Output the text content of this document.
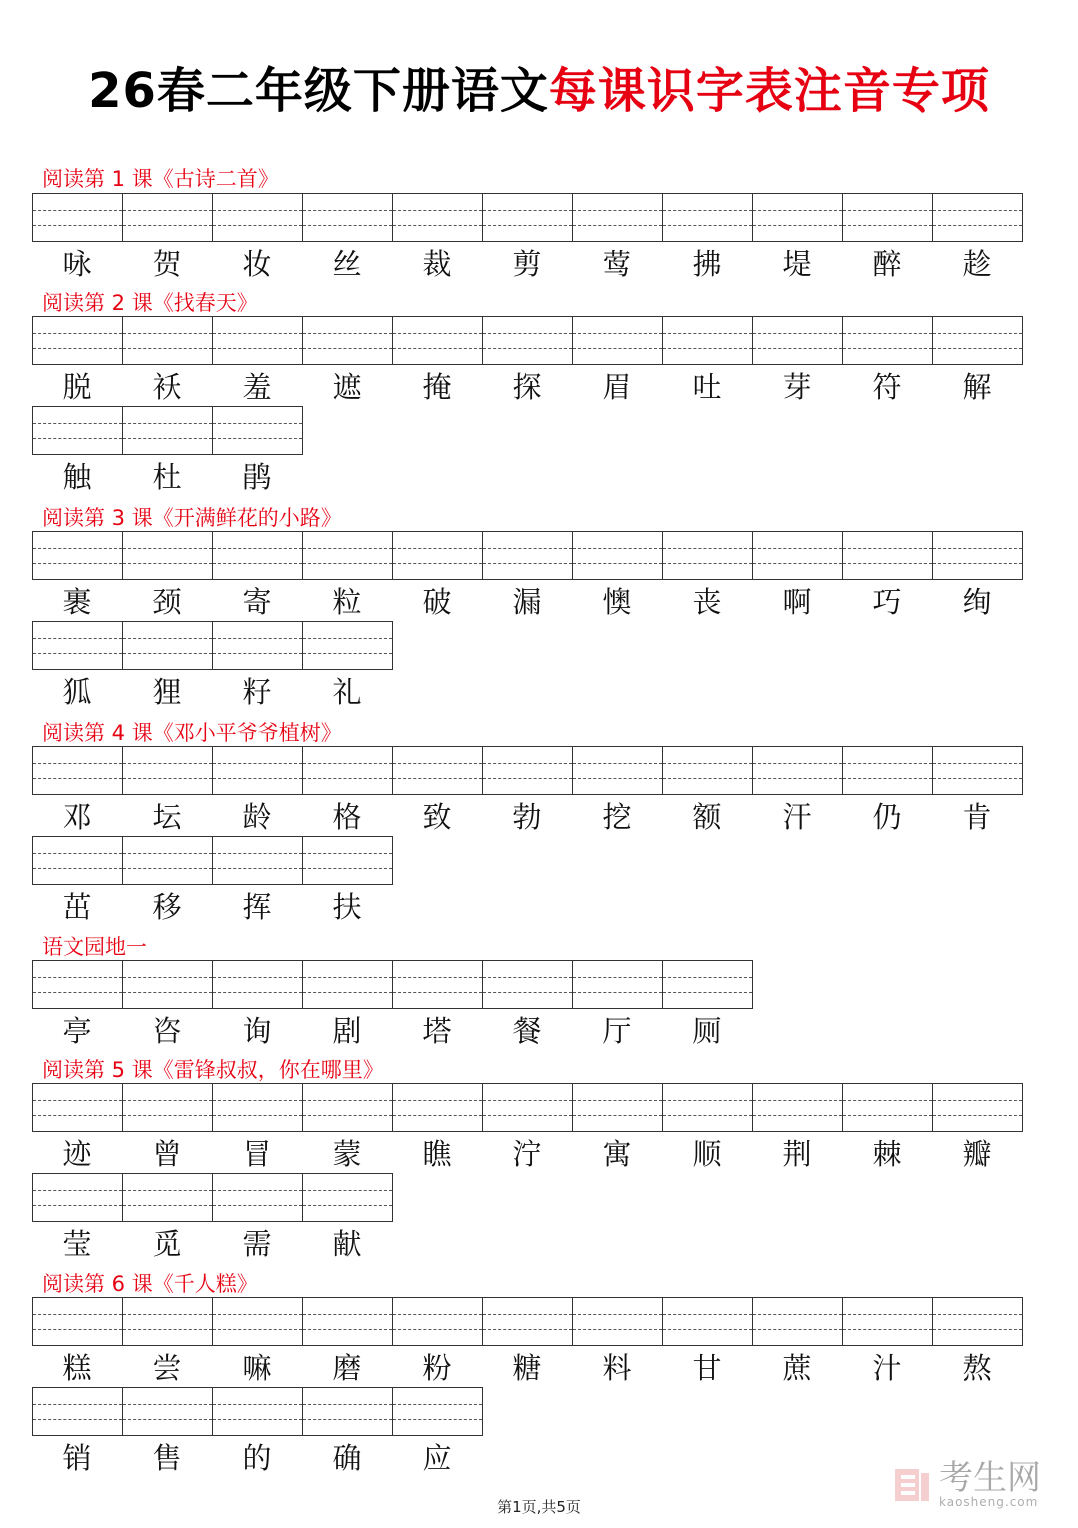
26春二年级下册语文每课识字表注音专项
阅读第 1 课《古诗二首》
咏	贺	妆	丝	裁	剪	莺	拂	堤	醉	趁
阅读第 2 课《找春天》
脱	袄	羞	遮	掩	探	眉	吐	芽	符	解
触	杜	鹃
阅读第 3 课《开满鲜花的小路》
裹	颈	寄	粒	破	漏	懊	丧	啊	巧	绚
狐	狸	籽	礼
阅读第 4 课《邓小平爷爷植树》
邓	坛	龄	格	致	勃	挖	额	汗	仍	肯
茁	移	挥	扶
语文园地一
亭	咨	询	剧	塔	餐	厅	厕
阅读第 5 课《雷锋叔叔，你在哪里》
迹	曾	冒	蒙	瞧	泞	寓	顺	荆	棘	瓣
莹	觅	需	献
阅读第 6 课《千人糕》
糕	尝	嘛	磨	粉	糖	料	甘	蔗	汁	熬
销	售	的	确	应
第1页,共5页
考生网
kaosheng.com
